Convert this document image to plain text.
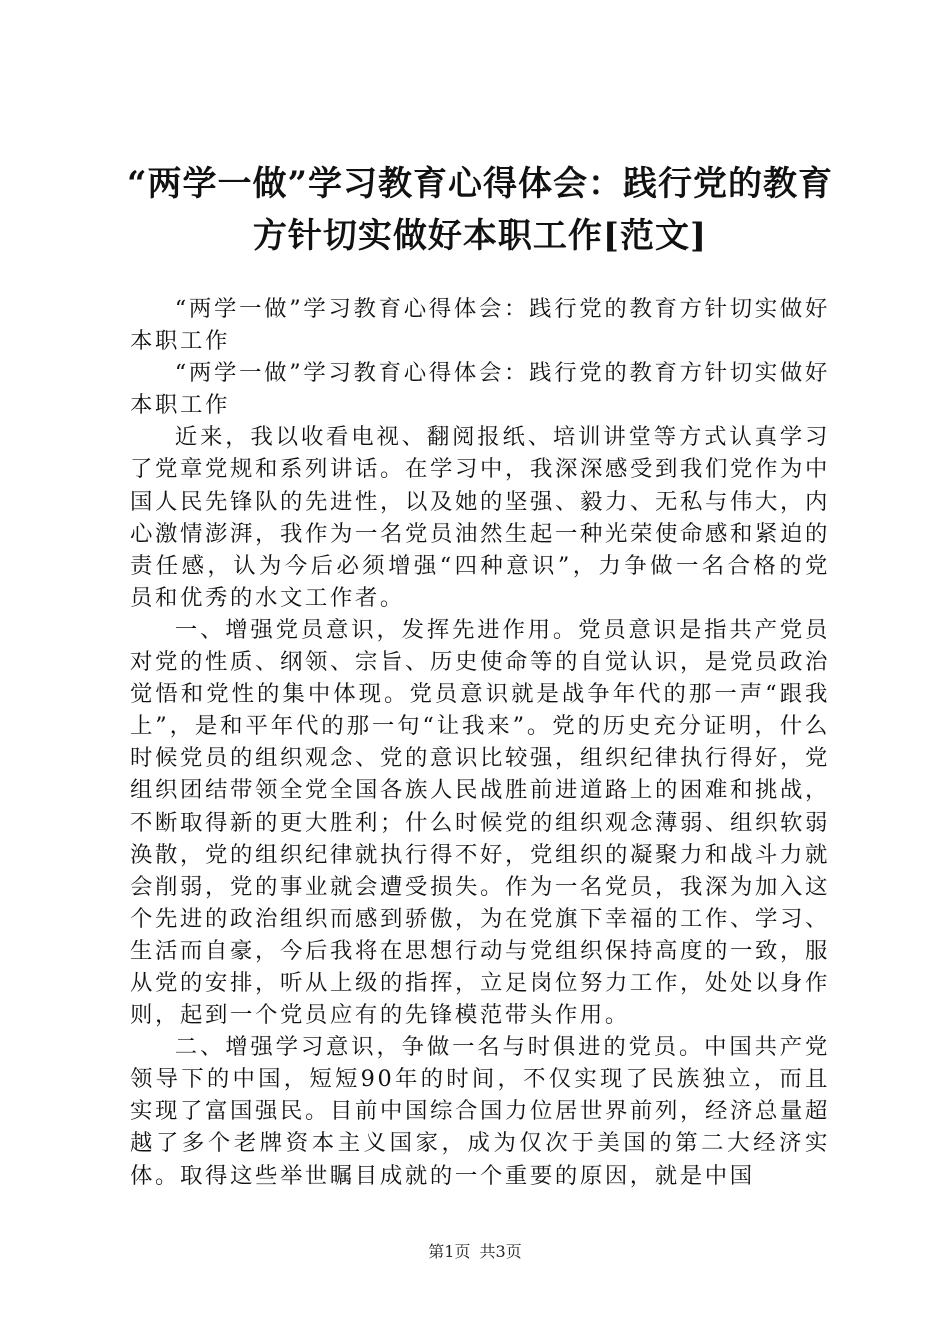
“两学一做”学习教育心得体会：践行党的教育方针切实做好本职工作[范文]

“两学一做”学习教育心得体会：践行党的教育方针切实做好本职工作

“两学一做”学习教育心得体会：践行党的教育方针切实做好本职工作

近来，我以收看电视、翻阅报纸、培训讲堂等方式认真学习了党章党规和系列讲话。在学习中，我深深感受到我们党作为中国人民先锋队的先进性，以及她的坚强、毅力、无私与伟大，内心激情澎湃，我作为一名党员油然生起一种光荣使命感和紧迫的责任感，认为今后必须增强“四种意识”，力争做一名合格的党员和优秀的水文工作者。

一、增强党员意识，发挥先进作用。党员意识是指共产党员对党的性质、纲领、宗旨、历史使命等的自觉认识，是党员政治觉悟和党性的集中体现。党员意识就是战争年代的那一声“跟我上”，是和平年代的那一句“让我来”。党的历史充分证明，什么时候党员的组织观念、党的意识比较强，组织纪律执行得好，党组织团结带领全党全国各族人民战胜前进道路上的困难和挑战，不断取得新的更大胜利；什么时候党的组织观念薄弱、组织软弱涣散，党的组织纪律就执行得不好，党组织的凝聚力和战斗力就会削弱，党的事业就会遭受损失。作为一名党员，我深为加入这个先进的政治组织而感到骄傲，为在党旗下幸福的工作、学习、生活而自豪，今后我将在思想行动与党组织保持高度的一致，服从党的安排，听从上级的指挥，立足岗位努力工作，处处以身作则，起到一个党员应有的先锋模范带头作用。

二、增强学习意识，争做一名与时俱进的党员。中国共产党领导下的中国，短短90年的时间，不仅实现了民族独立，而且实现了富国强民。目前中国综合国力位居世界前列，经济总量超越了多个老牌资本主义国家，成为仅次于美国的第二大经济实体。取得这些举世瞩目成就的一个重要的原因，就是中国

第1页 共3页
